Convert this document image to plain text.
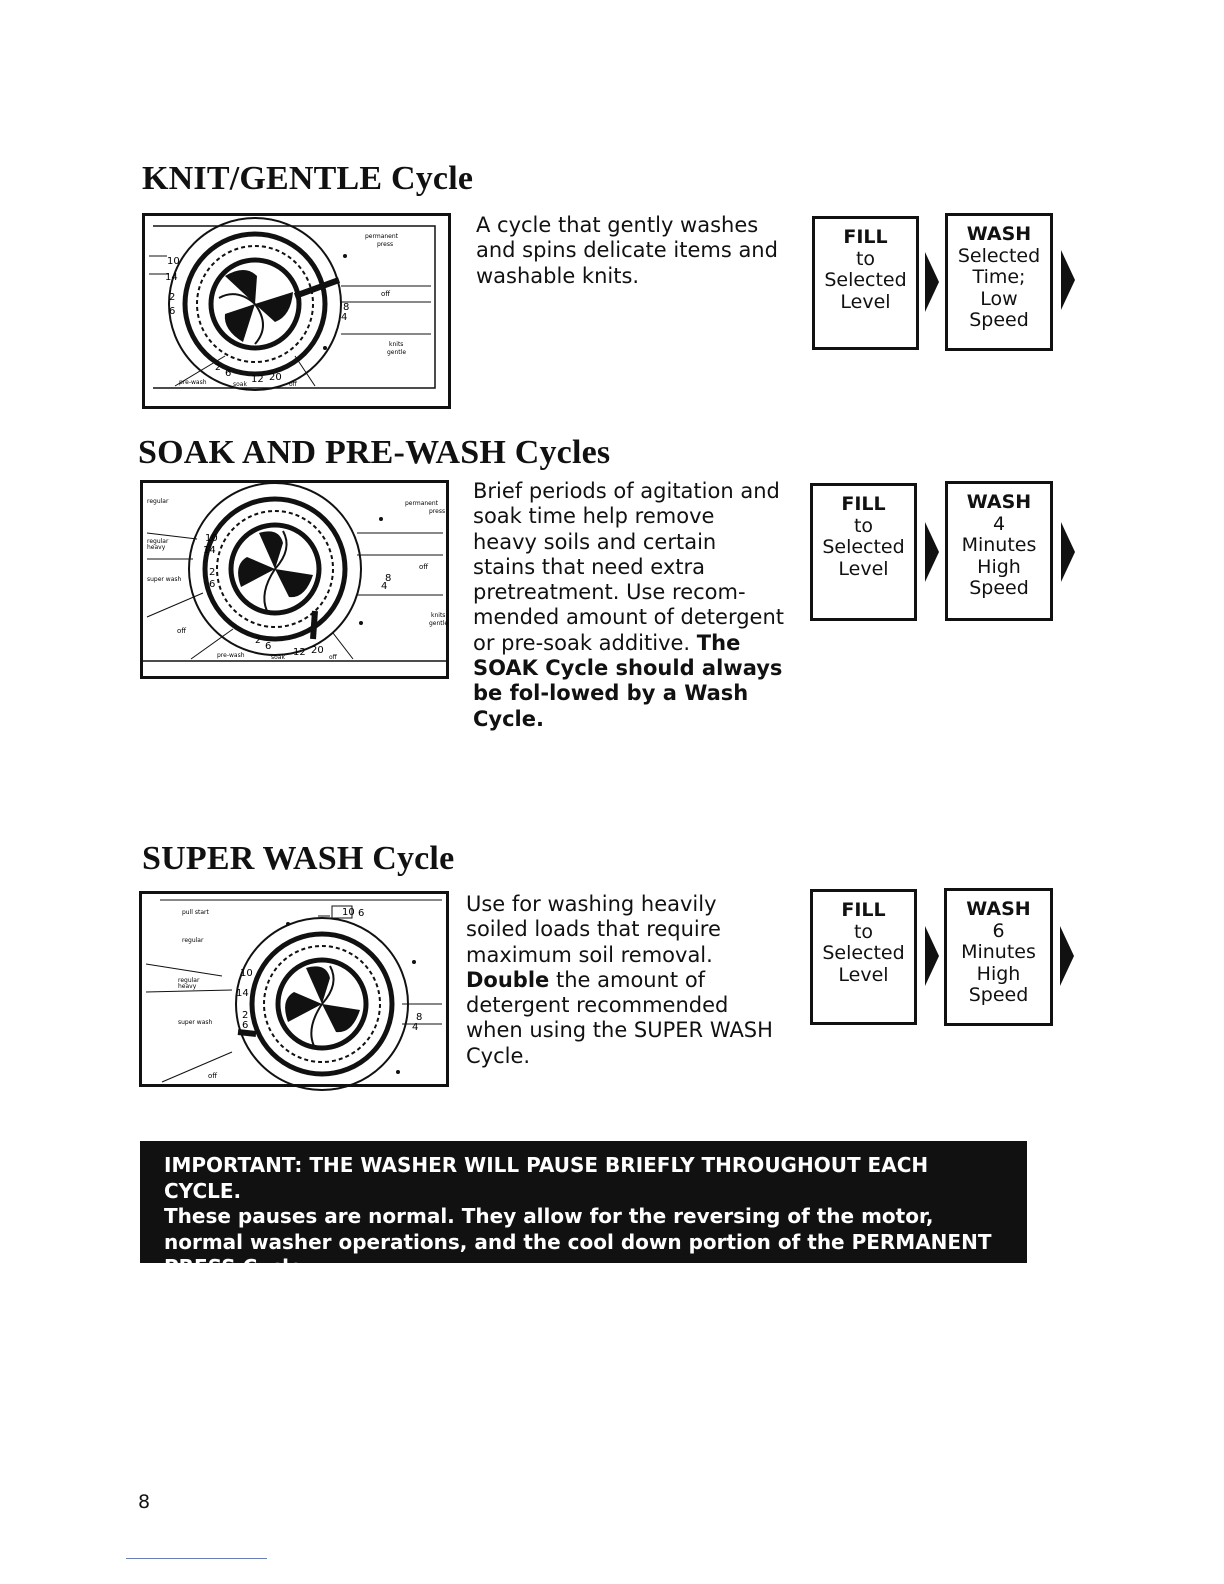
KNIT/GENTLE Cycle
permanent
press
10
14
2
6
off
8
4
knits
gentle
2 6
12 20
pre-wash	soak	off

A cycle that gently washes and spins delicate items and washable knits.

FILL
to
Selected
Level
WASH
Selected
Time;
Low
Speed
SOAK AND PRE-WASH Cycles
regular
regular
heavy
super wash
off
permanent
press
10
14
2
6
off
8
4
knits
gentle
2 6
12 20
pre-wash	soak	off

Brief periods of agitation and soak time help remove heavy soils and certain stains that need extra pretreatment. Use recom-mended amount of detergent or pre-soak additive. The SOAK Cycle should always be fol-lowed by a Wash Cycle.

FILL
to
Selected
Level
WASH
4
Minutes
High
Speed
SUPER WASH Cycle
pull start
regular
regular
heavy
super wash
off
10
14
2
6
10 6
8
4

Use for washing heavily soiled loads that require maximum soil removal. Double the amount of detergent recommended when using the SUPER WASH Cycle.

FILL
to
Selected
Level
WASH
6
Minutes
High
Speed
IMPORTANT: THE WASHER WILL PAUSE BRIEFLY THROUGHOUT EACH CYCLE.
These pauses are normal. They allow for the reversing of the motor, normal washer operations, and the cool down portion of the PERMANENT PRESS Cycle.
8
